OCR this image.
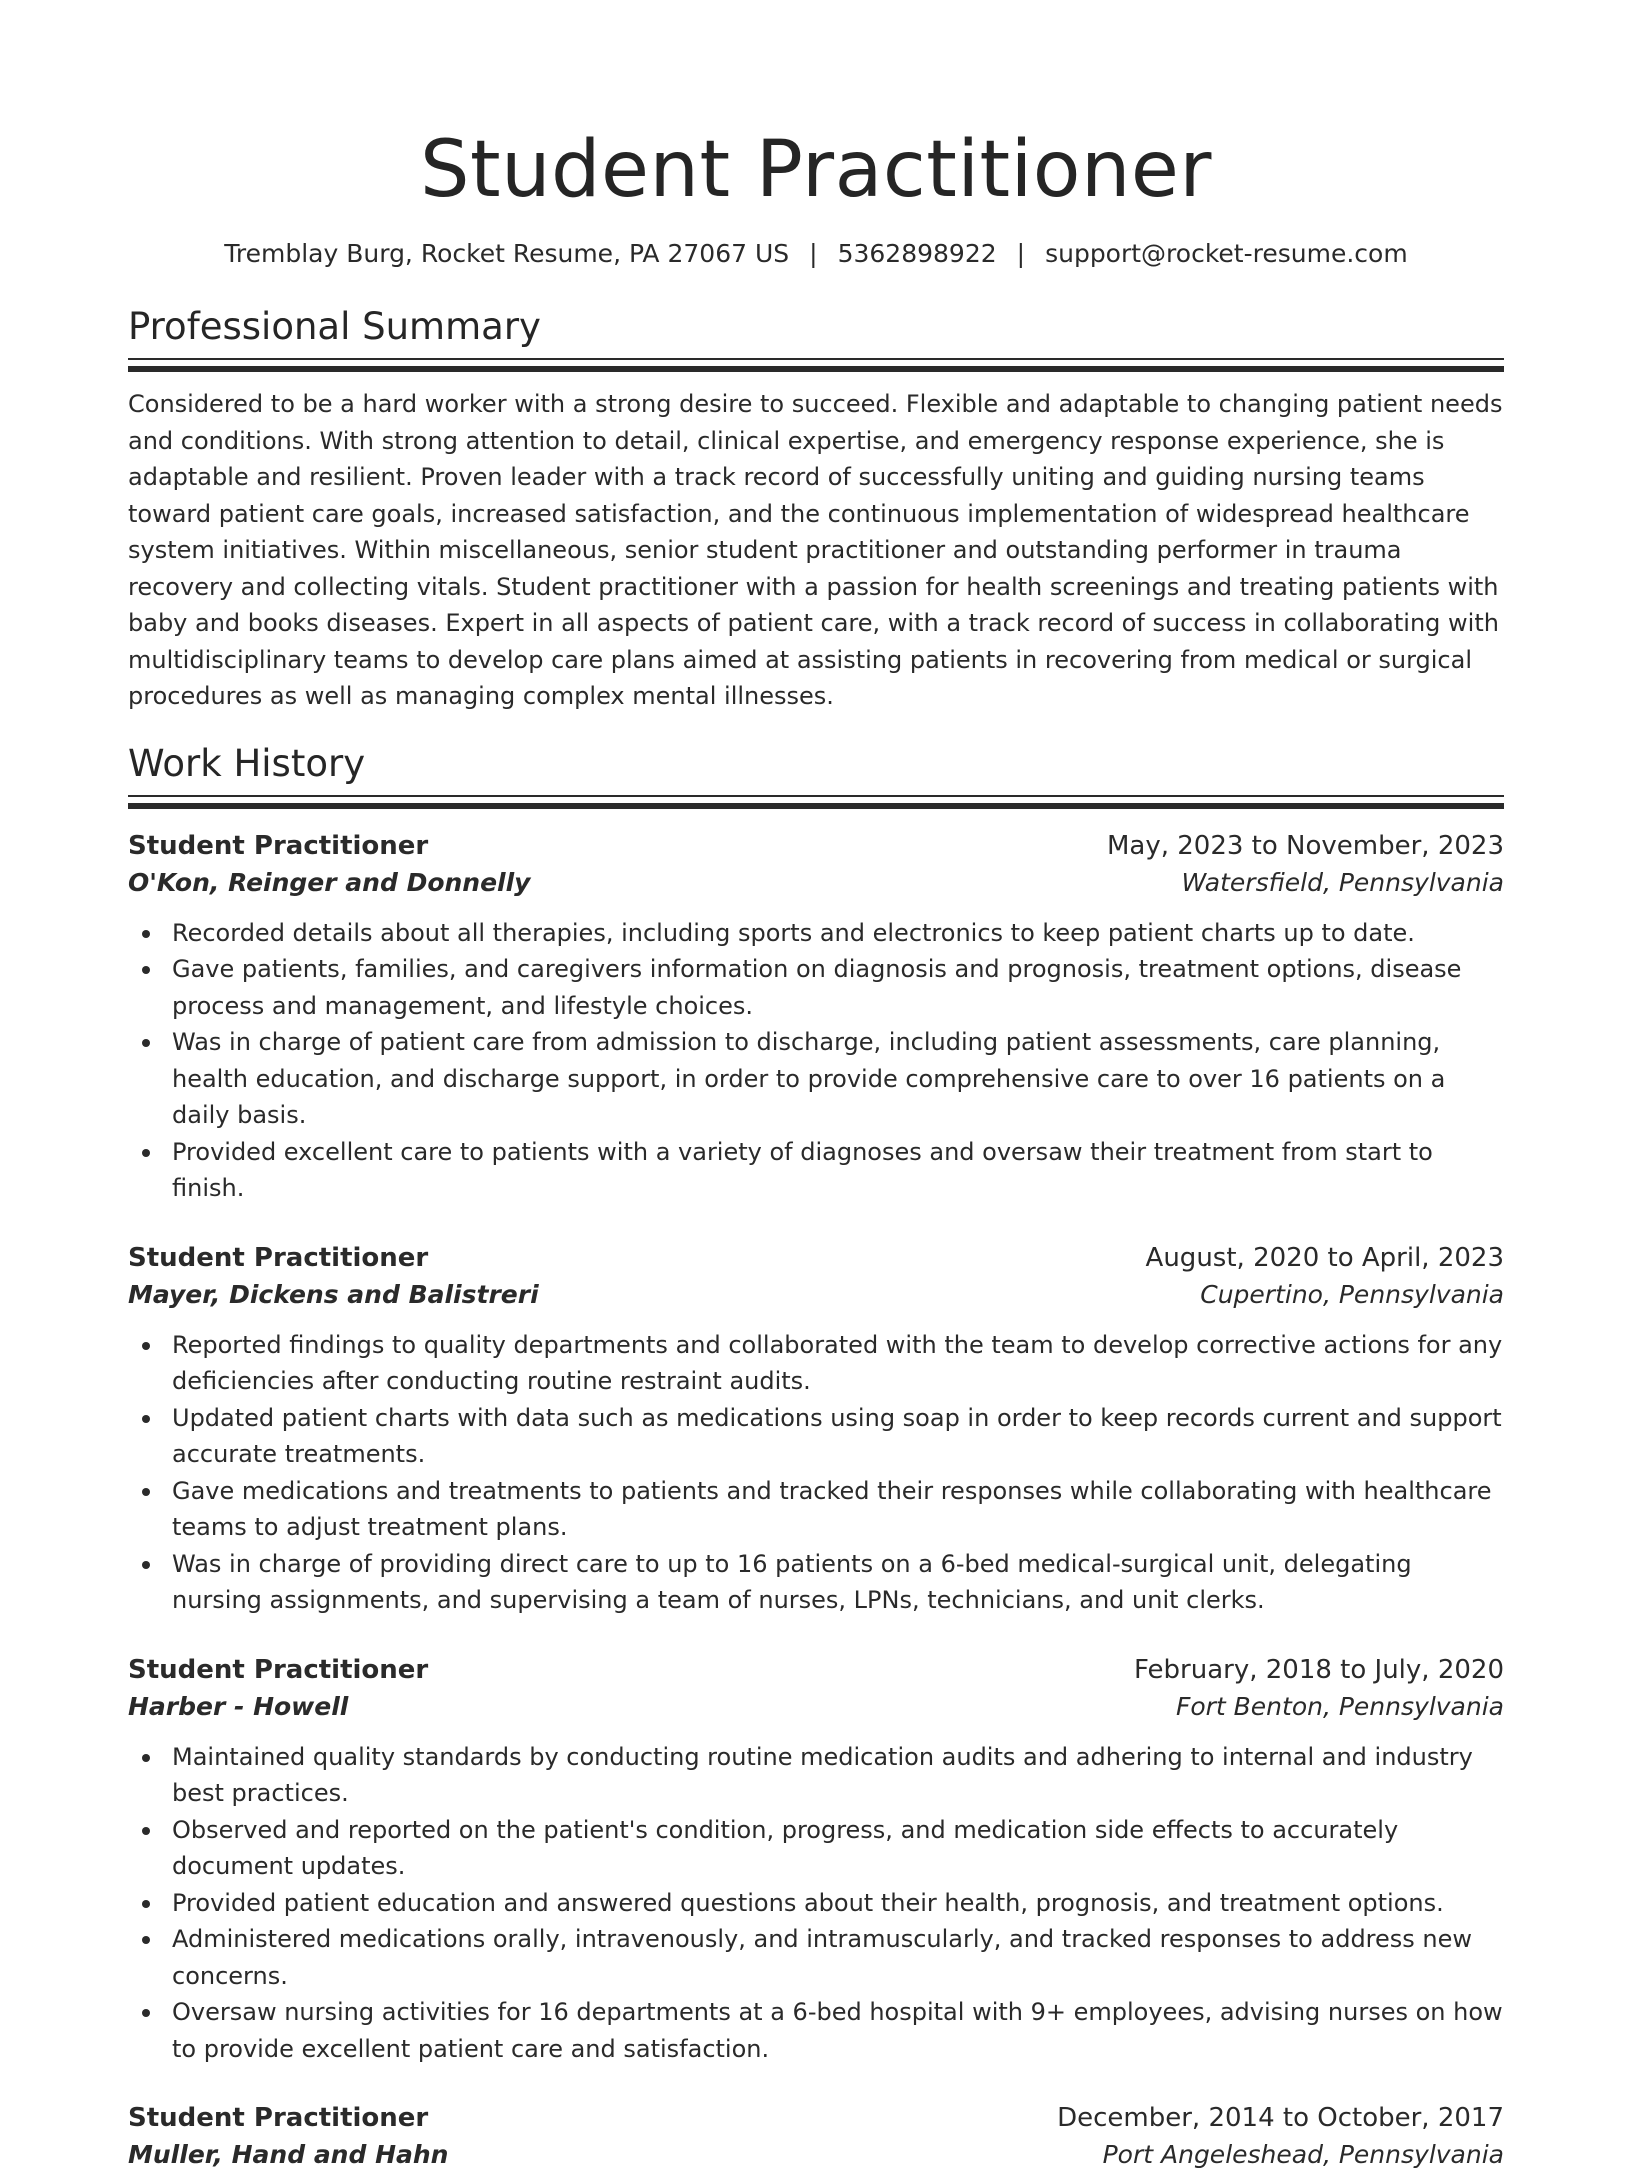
Student Practitioner
Tremblay Burg, Rocket Resume, PA 27067 US | 5362898922 | support@rocket-resume.com
Professional Summary

Considered to be a hard worker with a strong desire to succeed. Flexible and adaptable to changing patient needs and conditions. With strong attention to detail, clinical expertise, and emergency response experience, she is adaptable and resilient. Proven leader with a track record of successfully uniting and guiding nursing teams toward patient care goals, increased satisfaction, and the continuous implementation of widespread healthcare system initiatives. Within miscellaneous, senior student practitioner and outstanding performer in trauma recovery and collecting vitals. Student practitioner with a passion for health screenings and treating patients with baby and books diseases. Expert in all aspects of patient care, with a track record of success in collaborating with multidisciplinary teams to develop care plans aimed at assisting patients in recovering from medical or surgical procedures as well as managing complex mental illnesses.

Work History
Student Practitioner	May, 2023 to November, 2023
O'Kon, Reinger and Donnelly	Watersfield, Pennsylvania
Recorded details about all therapies, including sports and electronics to keep patient charts up to date.
Gave patients, families, and caregivers information on diagnosis and prognosis, treatment options, disease process and management, and lifestyle choices.
Was in charge of patient care from admission to discharge, including patient assessments, care planning, health education, and discharge support, in order to provide comprehensive care to over 16 patients on a daily basis.
Provided excellent care to patients with a variety of diagnoses and oversaw their treatment from start to finish.
Student Practitioner	August, 2020 to April, 2023
Mayer, Dickens and Balistreri	Cupertino, Pennsylvania
Reported findings to quality departments and collaborated with the team to develop corrective actions for any deficiencies after conducting routine restraint audits.
Updated patient charts with data such as medications using soap in order to keep records current and support accurate treatments.
Gave medications and treatments to patients and tracked their responses while collaborating with healthcare teams to adjust treatment plans.
Was in charge of providing direct care to up to 16 patients on a 6-bed medical-surgical unit, delegating nursing assignments, and supervising a team of nurses, LPNs, technicians, and unit clerks.
Student Practitioner	February, 2018 to July, 2020
Harber - Howell	Fort Benton, Pennsylvania
Maintained quality standards by conducting routine medication audits and adhering to internal and industry best practices.
Observed and reported on the patient's condition, progress, and medication side effects to accurately document updates.
Provided patient education and answered questions about their health, prognosis, and treatment options.
Administered medications orally, intravenously, and intramuscularly, and tracked responses to address new concerns.
Oversaw nursing activities for 16 departments at a 6-bed hospital with 9+ employees, advising nurses on how to provide excellent patient care and satisfaction.
Student Practitioner	December, 2014 to October, 2017
Muller, Hand and Hahn	Port Angeleshead, Pennsylvania
